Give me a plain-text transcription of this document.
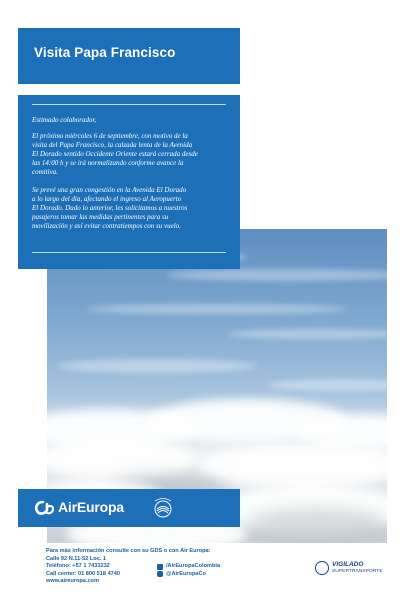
Visita Papa Francisco

Estimado colaborador,

El próximo miércoles 6 de septiembre, con motivo de la
visita del Papa Francisco, la calzada lenta de la Avenida
El Dorado sentido Occidente Oriente estará cerrada desde
las 14:00 h y se irá normalizando conforme avance la
comitiva.

Se prevé una gran congestión en la Avenida El Dorado
a lo largo del día, afectando el ingreso al Aeropuerto
El Dorado. Dado lo anterior, les solicitamos a nuestros
pasajeros tomar las medidas pertinentes para su
movilización y así evitar contratiempos con su vuelo.

AirEuropa
Para más información consulte con su GDS o con Air Europa:
Calle 92 N.11-52 Loc. 1
Teléfono: +57 1 7433232
Call center: 01 800 518 4740
www.aireuropa.com
/AirEuropaColombia
@AirEuropaCo
VIGILADO
SUPERTRANSPORTE
